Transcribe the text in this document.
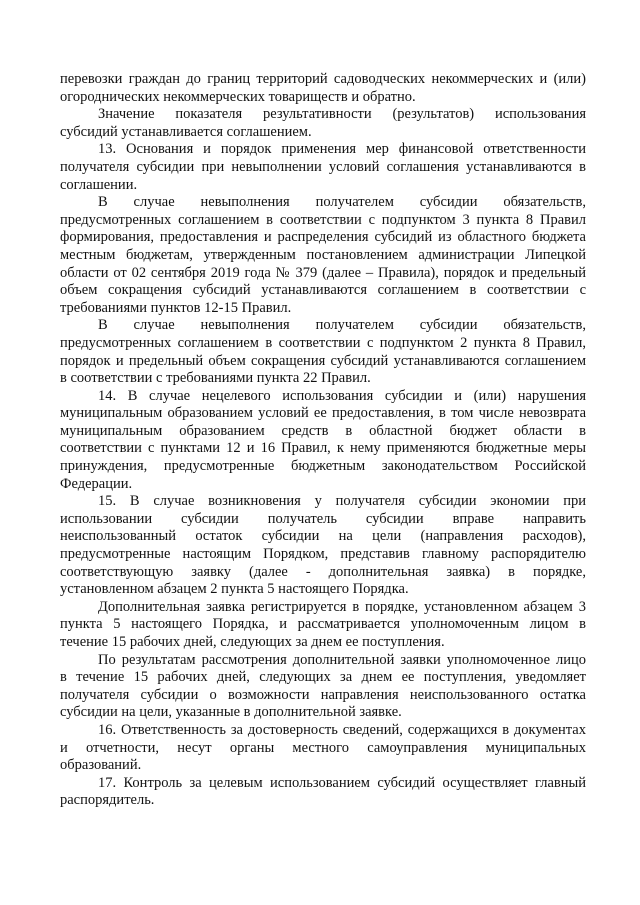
перевозки граждан до границ территорий садоводческих некоммерческих и (или)
огороднических некоммерческих товариществ и обратно.
Значение показателя результативности (результатов) использования
субсидий устанавливается соглашением.
13. Основания и порядок применения мер финансовой ответственности
получателя субсидии при невыполнении условий соглашения устанавливаются в
соглашении.
В случае невыполнения получателем субсидии обязательств,
предусмотренных соглашением в соответствии с подпунктом 3 пункта 8 Правил
формирования, предоставления и распределения субсидий из областного бюджета
местным бюджетам, утвержденным постановлением администрации Липецкой
области от 02 сентября 2019 года № 379 (далее – Правила), порядок и предельный
объем сокращения субсидий устанавливаются соглашением в соответствии с
требованиями пунктов 12-15 Правил.
В случае невыполнения получателем субсидии обязательств,
предусмотренных соглашением в соответствии с подпунктом 2 пункта 8 Правил,
порядок и предельный объем сокращения субсидий устанавливаются соглашением
в соответствии с требованиями пункта 22 Правил.
14. В случае нецелевого использования субсидии и (или) нарушения
муниципальным образованием условий ее предоставления, в том числе невозврата
муниципальным образованием средств в областной бюджет области в
соответствии с пунктами 12 и 16 Правил, к нему применяются бюджетные меры
принуждения, предусмотренные бюджетным законодательством Российской
Федерации.
15. В случае возникновения у получателя субсидии экономии при
использовании субсидии получатель субсидии вправе направить
неиспользованный остаток субсидии на цели (направления расходов),
предусмотренные настоящим Порядком, представив главному распорядителю
соответствующую заявку (далее - дополнительная заявка) в порядке,
установленном абзацем 2 пункта 5 настоящего Порядка.
Дополнительная заявка регистрируется в порядке, установленном абзацем 3
пункта 5 настоящего Порядка, и рассматривается уполномоченным лицом в
течение 15 рабочих дней, следующих за днем ее поступления.
По результатам рассмотрения дополнительной заявки уполномоченное лицо
в течение 15 рабочих дней, следующих за днем ее поступления, уведомляет
получателя субсидии о возможности направления неиспользованного остатка
субсидии на цели, указанные в дополнительной заявке.
16. Ответственность за достоверность сведений, содержащихся в документах
и отчетности, несут органы местного самоуправления муниципальных
образований.
17. Контроль за целевым использованием субсидий осуществляет главный
распорядитель.
